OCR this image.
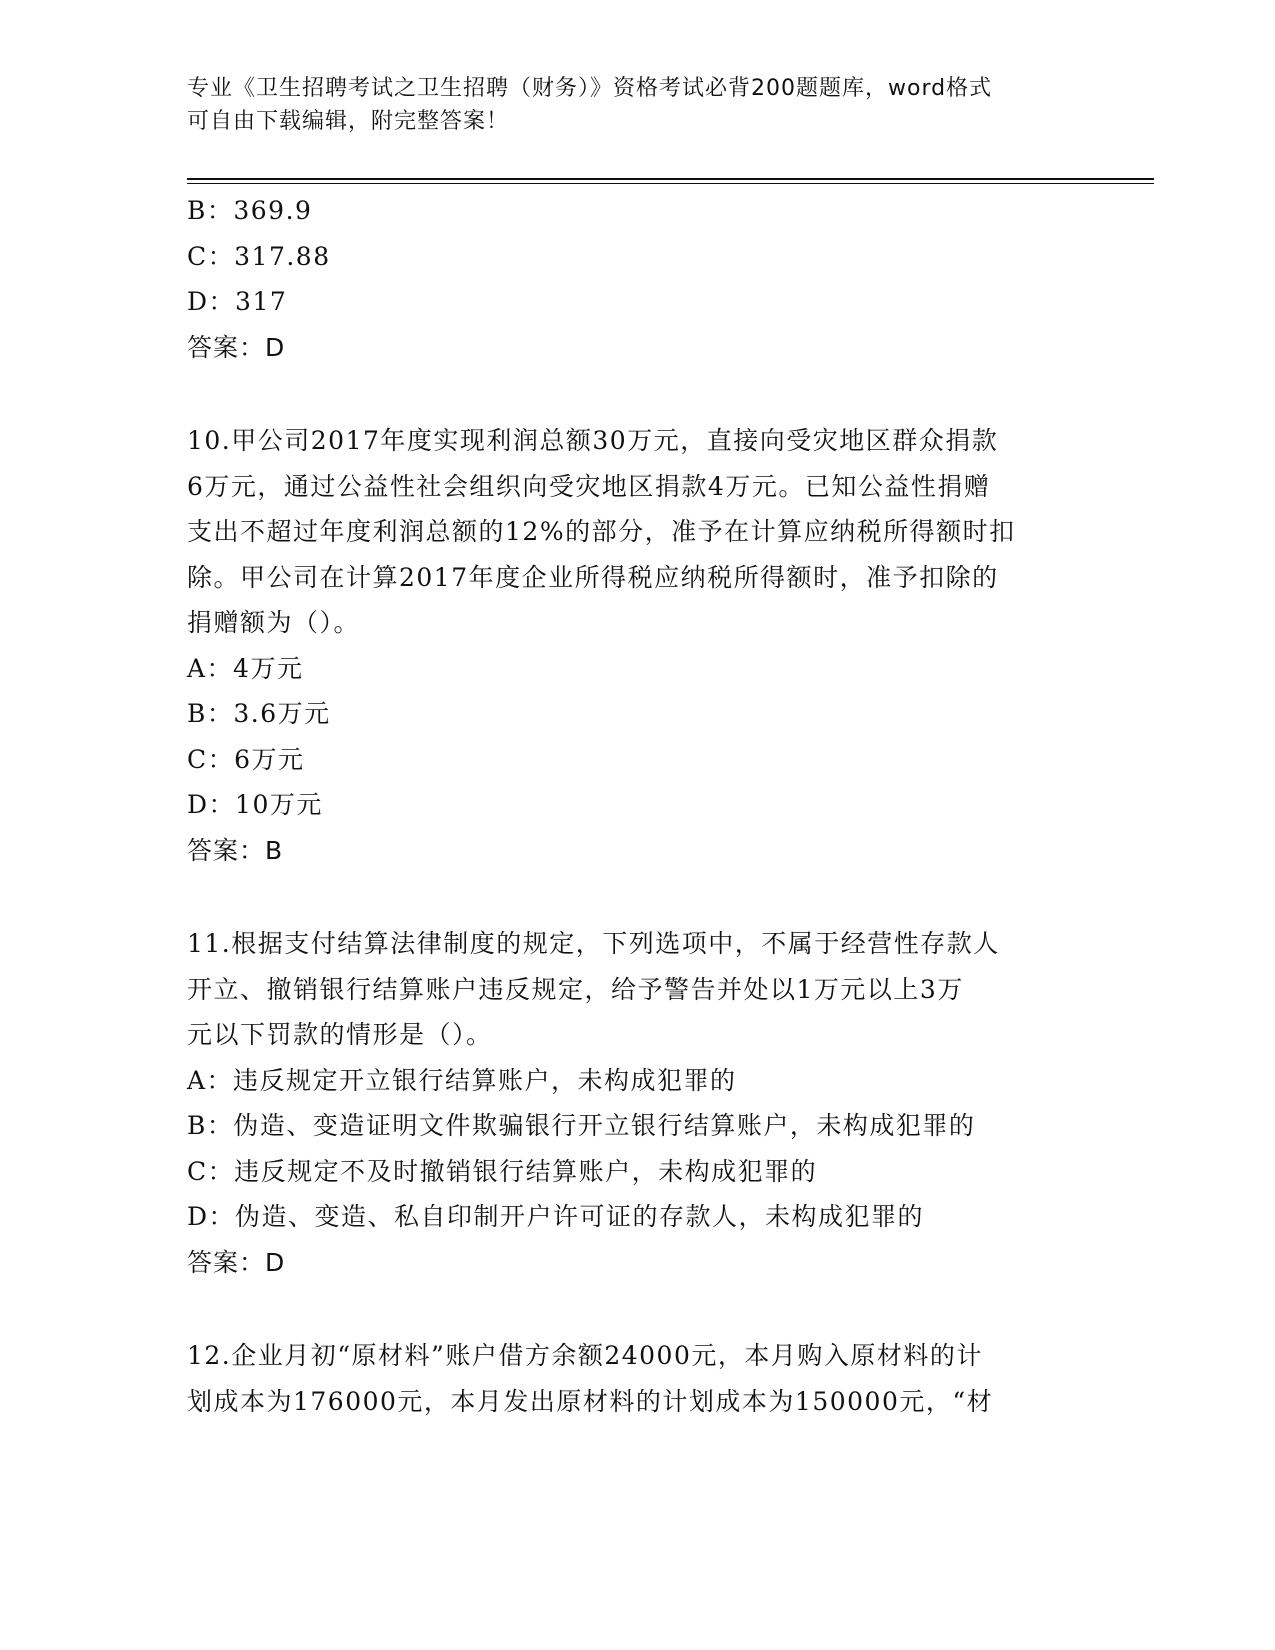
专业《卫生招聘考试之卫生招聘（财务）》资格考试必背200题题库，word格式
可自由下载编辑，附完整答案！
B：369.9
C：317.88
D：317
答案：D
10.甲公司2017年度实现利润总额30万元，直接向受灾地区群众捐款
6万元，通过公益性社会组织向受灾地区捐款4万元。已知公益性捐赠
支出不超过年度利润总额的12%的部分，准予在计算应纳税所得额时扣
除。甲公司在计算2017年度企业所得税应纳税所得额时，准予扣除的
捐赠额为（）。
A：4万元
B：3.6万元
C：6万元
D：10万元
答案：B
11.根据支付结算法律制度的规定，下列选项中，不属于经营性存款人
开立、撤销银行结算账户违反规定，给予警告并处以1万元以上3万
元以下罚款的情形是（）。
A：违反规定开立银行结算账户，未构成犯罪的
B：伪造、变造证明文件欺骗银行开立银行结算账户，未构成犯罪的
C：违反规定不及时撤销银行结算账户，未构成犯罪的
D：伪造、变造、私自印制开户许可证的存款人，未构成犯罪的
答案：D
12.企业月初“原材料”账户借方余额24000元，本月购入原材料的计
划成本为176000元，本月发出原材料的计划成本为150000元，“材
